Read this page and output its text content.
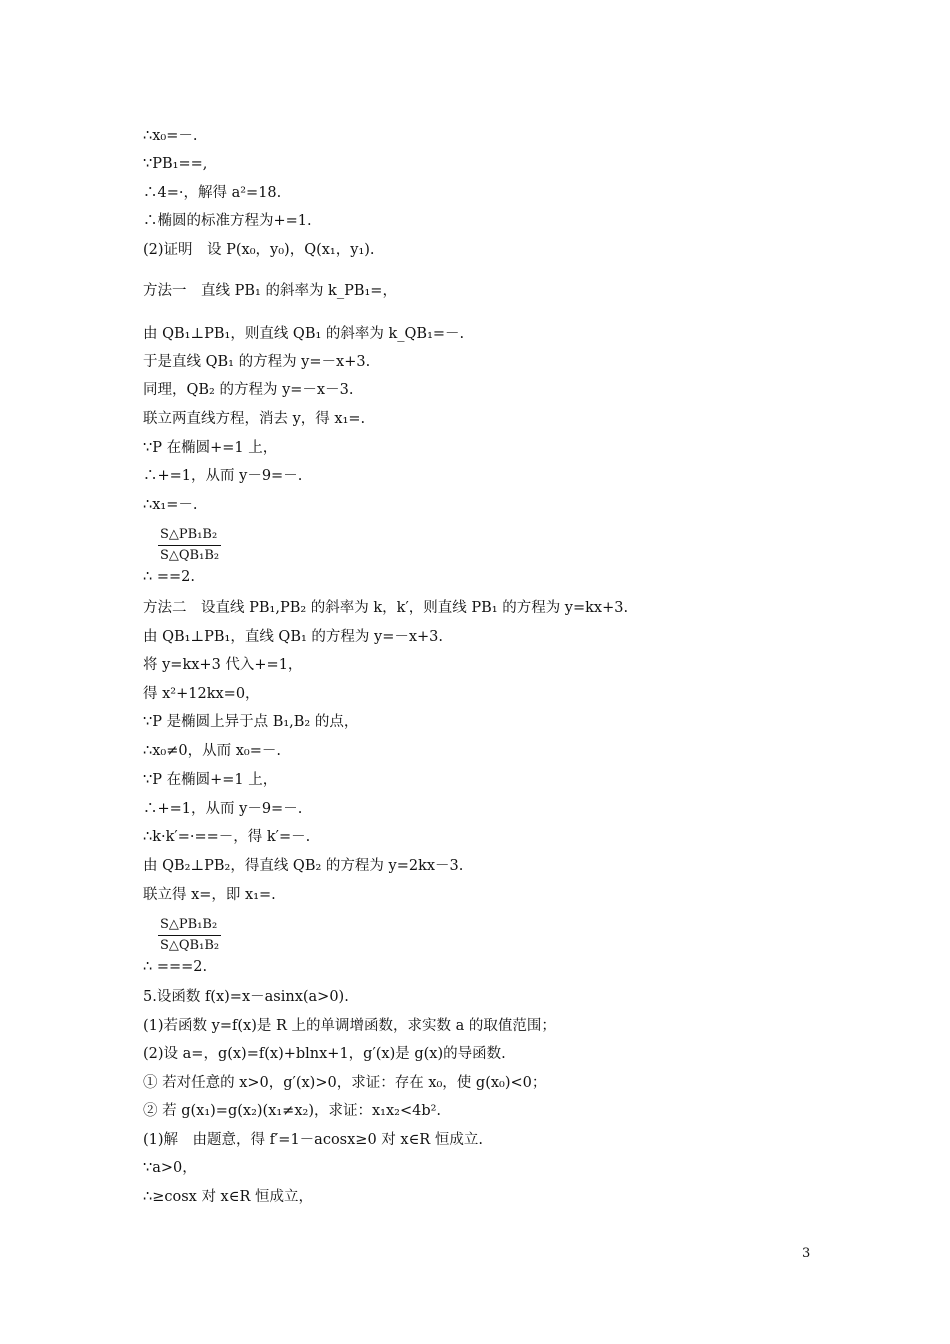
∴x₀=－.
∵PB₁==,
∴4=·，解得 a²=18.
∴椭圆的标准方程为+=1.
(2)证明　设 P(x₀，y₀)，Q(x₁，y₁).
方法一　直线 PB₁ 的斜率为 k_PB₁=，
由 QB₁⊥PB₁，则直线 QB₁ 的斜率为 k_QB₁=－.
于是直线 QB₁ 的方程为 y=－x+3.
同理，QB₂ 的方程为 y=－x－3.
联立两直线方程，消去 y，得 x₁=.
∵P 在椭圆+=1 上，
∴+=1，从而 y－9=－.
∴x₁=－.
$\frac{\text{S△PB₁B₂}}{\text{S△QB₁B₂}}$
∴ ==2.
方法二　设直线 PB₁,PB₂ 的斜率为 k，k′，则直线 PB₁ 的方程为 y=kx+3.
由 QB₁⊥PB₁，直线 QB₁ 的方程为 y=－x+3.
将 y=kx+3 代入+=1，
得 x²+12kx=0，
∵P 是椭圆上异于点 B₁,B₂ 的点，
∴x₀≠0，从而 x₀=－.
∵P 在椭圆+=1 上，
∴+=1，从而 y－9=－.
∴k·k′=·==－，得 k′=－.
由 QB₂⊥PB₂，得直线 QB₂ 的方程为 y=2kx－3.
联立得 x=，即 x₁=.
$\frac{\text{S△PB₁B₂}}{\text{S△QB₁B₂}}$
∴ ===2.
5.设函数 f(x)=x－asinx(a>0).
(1)若函数 y=f(x)是 R 上的单调增函数，求实数 a 的取值范围；
(2)设 a=，g(x)=f(x)+blnx+1，g′(x)是 g(x)的导函数.
① 若对任意的 x>0，g′(x)>0，求证：存在 x₀，使 g(x₀)<0；
② 若 g(x₁)=g(x₂)(x₁≠x₂)，求证：x₁x₂<4b².
(1)解　由题意，得 f′=1－acosx≥0 对 x∈R 恒成立.
∵a>0，
∴≥cosx 对 x∈R 恒成立，
3
